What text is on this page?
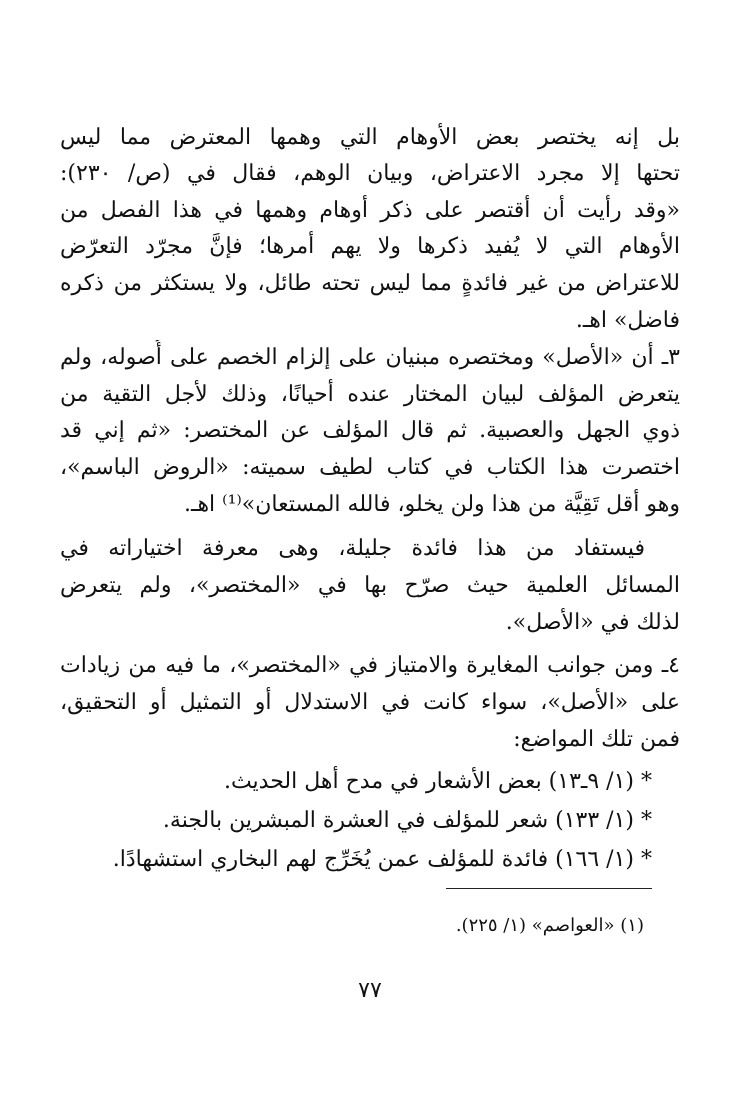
بل إنه يختصر بعض الأوهام التي وهمها المعترض مما ليس
تحتها إلا مجرد الاعتراض، وبيان الوهم، فقال في (ص/ ٢٣٠):
«وقد رأيت أن أقتصر على ذكر أوهام وهمها في هذا الفصل من
الأوهام التي لا يُفيد ذكرها ولا يهم أمرها؛ فإنَّ مجرّد التعرّض
للاعتراض من غير فائدةٍ مما ليس تحته طائل، ولا يستكثر من ذكره
فاضل» اهـ.
٣ـ أن «الأصل» ومختصره مبنيان على إلزام الخصم على أُصوله، ولم
يتعرض المؤلف لبيان المختار عنده أحيانًا، وذلك لأجل التقية من
ذوي الجهل والعصبية. ثم قال المؤلف عن المختصر: «ثم إني قد
اختصرت هذا الكتاب في كتاب لطيف سميته: «الروض الباسم»،
وهو أقل تَقِيَّة من هذا ولن يخلو، فالله المستعان»⁽¹⁾ اهـ.
فيستفاد من هذا فائدة جليلة، وهى معرفة اختياراته في
المسائل العلمية حيث صرّح بها في «المختصر»، ولم يتعرض
لذلك في «الأصل».
٤ـ ومن جوانب المغايرة والامتياز في «المختصر»، ما فيه من زيادات
على «الأصل»، سواء كانت في الاستدلال أو التمثيل أو التحقيق،
فمن تلك المواضع:
* (١/ ٩ـ١٣) بعض الأشعار في مدح أهل الحديث.
* (١/ ١٣٣) شعر للمؤلف في العشرة المبشرين بالجنة.
* (١/ ١٦٦) فائدة للمؤلف عمن يُخَرِّج لهم البخاري استشهادًا.
(١) «العواصم» (١/ ٢٢٥).
٧٧
